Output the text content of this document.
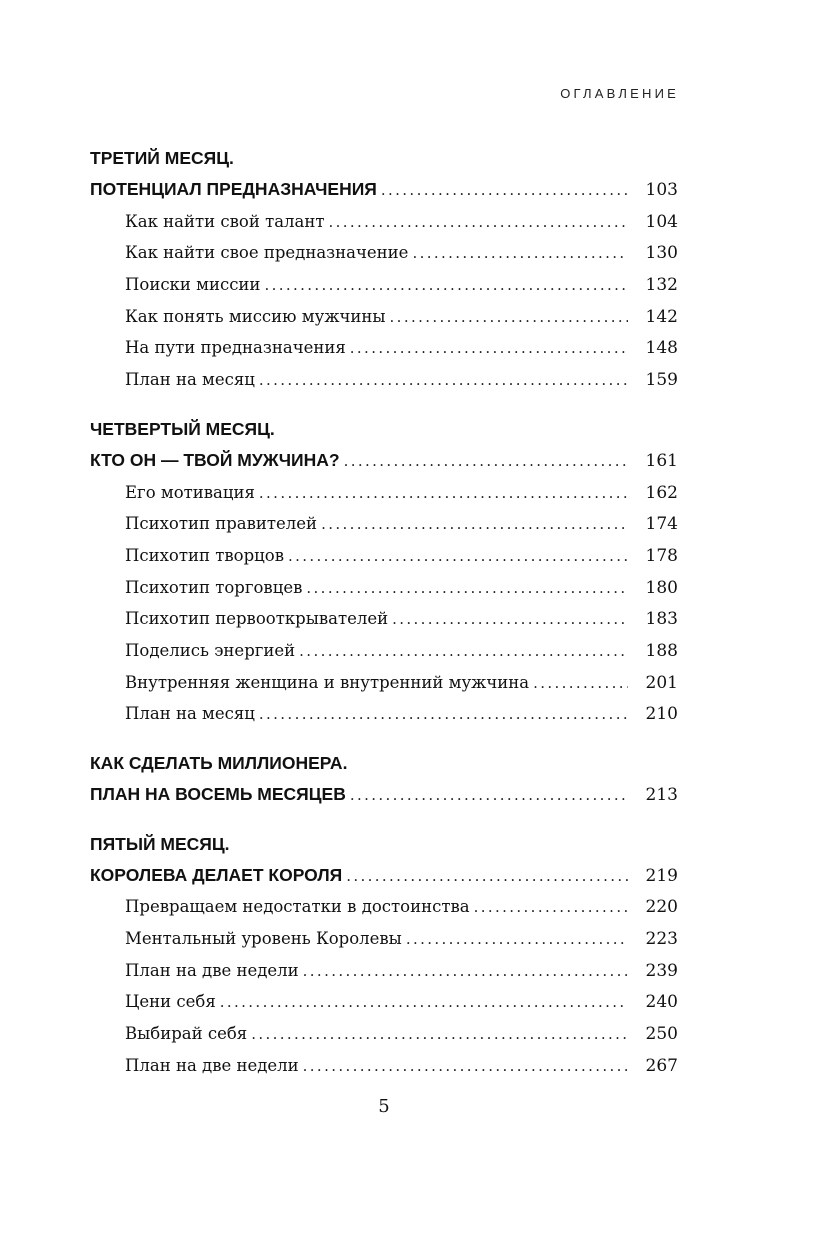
ОГЛАВЛЕНИЕ
ТРЕТИЙ МЕСЯЦ.
ПОТЕНЦИАЛ ПРЕДНАЗНАЧЕНИЯ . . .	103
Как найти свой талант . . .	104
Как найти свое предназначение . . .	130
Поиски миссии . . .	132
Как понять миссию мужчины . . .	142
На пути предназначения . . .	148
План на месяц . . .	159
ЧЕТВЕРТЫЙ МЕСЯЦ.
КТО ОН — ТВОЙ МУЖЧИНА? . . .	161
Его мотивация . . .	162
Психотип правителей . . .	174
Психотип творцов . . .	178
Психотип торговцев . . .	180
Психотип первооткрывателей . . .	183
Поделись энергией . . .	188
Внутренняя женщина и внутренний мужчина . . .	201
План на месяц . . .	210
КАК СДЕЛАТЬ МИЛЛИОНЕРА.
ПЛАН НА ВОСЕМЬ МЕСЯЦЕВ . . .	213
ПЯТЫЙ МЕСЯЦ.
КОРОЛЕВА ДЕЛАЕТ КОРОЛЯ . . .	219
Превращаем недостатки в достоинства . . .	220
Ментальный уровень Королевы . . .	223
План на две недели . . .	239
Цени себя . . .	240
Выбирай себя . . .	250
План на две недели . . .	267
5
